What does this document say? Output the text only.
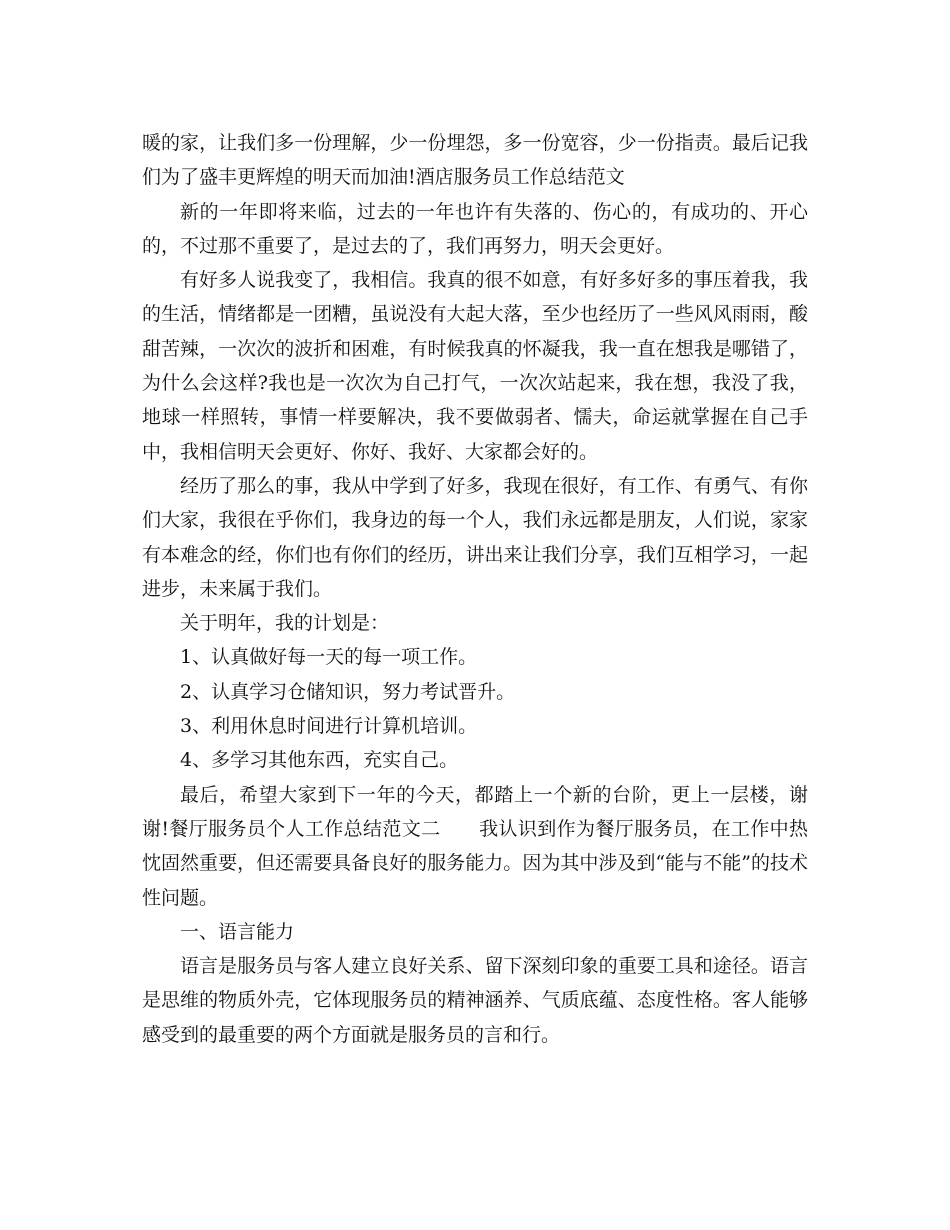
暖的家，让我们多一份理解，少一份埋怨，多一份宽容，少一份指责。最后记我们为了盛丰更辉煌的明天而加油!酒店服务员工作总结范文

新的一年即将来临，过去的一年也许有失落的、伤心的，有成功的、开心的，不过那不重要了，是过去的了，我们再努力，明天会更好。

有好多人说我变了，我相信。我真的很不如意，有好多好多的事压着我，我的生活，情绪都是一团糟，虽说没有大起大落，至少也经历了一些风风雨雨，酸甜苦辣，一次次的波折和困难，有时候我真的怀凝我，我一直在想我是哪错了，为什么会这样?我也是一次次为自己打气，一次次站起来，我在想，我没了我，地球一样照转，事情一样要解决，我不要做弱者、懦夫，命运就掌握在自己手中，我相信明天会更好、你好、我好、大家都会好的。

经历了那么的事，我从中学到了好多，我现在很好，有工作、有勇气、有你们大家，我很在乎你们，我身边的每一个人，我们永远都是朋友，人们说，家家有本难念的经，你们也有你们的经历，讲出来让我们分享，我们互相学习，一起进步，未来属于我们。

关于明年，我的计划是：

1、认真做好每一天的每一项工作。

2、认真学习仓储知识，努力考试晋升。

3、利用休息时间进行计算机培训。

4、多学习其他东西，充实自己。

最后，希望大家到下一年的今天，都踏上一个新的台阶，更上一层楼，谢谢!餐厅服务员个人工作总结范文二　　我认识到作为餐厅服务员，在工作中热忱固然重要，但还需要具备良好的服务能力。因为其中涉及到“能与不能”的技术性问题。

一、语言能力

语言是服务员与客人建立良好关系、留下深刻印象的重要工具和途径。语言是思维的物质外壳，它体现服务员的精神涵养、气质底蕴、态度性格。客人能够感受到的最重要的两个方面就是服务员的言和行。
